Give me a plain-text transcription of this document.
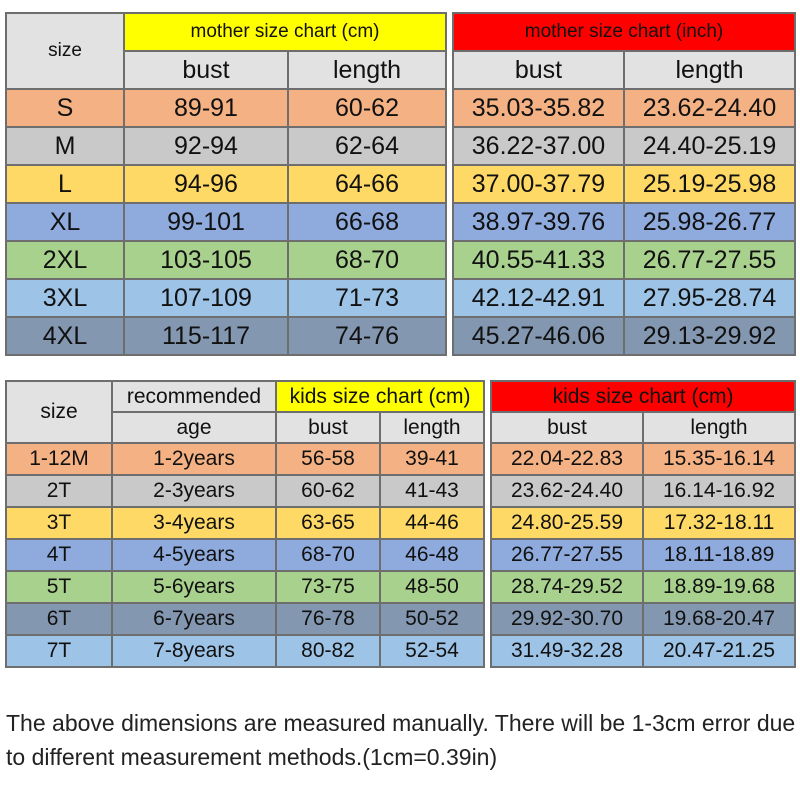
size	mother size chart (cm)	
	bust	length
S	89-91	60-62
M	92-94	62-64
L	94-96	64-66
XL	99-101	66-68
2XL	103-105	68-70
3XL	107-109	71-73
4XL	115-117	74-76
mother size chart (inch)	
bust	length
35.03-35.82	23.62-24.40
36.22-37.00	24.40-25.19
37.00-37.79	25.19-25.98
38.97-39.76	25.98-26.77
40.55-41.33	26.77-27.55
42.12-42.91	27.95-28.74
45.27-46.06	29.13-29.92
size	recommended	kids size chart (cm)	
	age	bust	length
1-12M	1-2years	56-58	39-41
2T	2-3years	60-62	41-43
3T	3-4years	63-65	44-46
4T	4-5years	68-70	46-48
5T	5-6years	73-75	48-50
6T	6-7years	76-78	50-52
7T	7-8years	80-82	52-54
kids size chart (cm)	
bust	length
22.04-22.83	15.35-16.14
23.62-24.40	16.14-16.92
24.80-25.59	17.32-18.11
26.77-27.55	18.11-18.89
28.74-29.52	18.89-19.68
29.92-30.70	19.68-20.47
31.49-32.28	20.47-21.25
The above dimensions are measured manually. There will be 1-3cm error due to different measurement methods.(1cm=0.39in)
